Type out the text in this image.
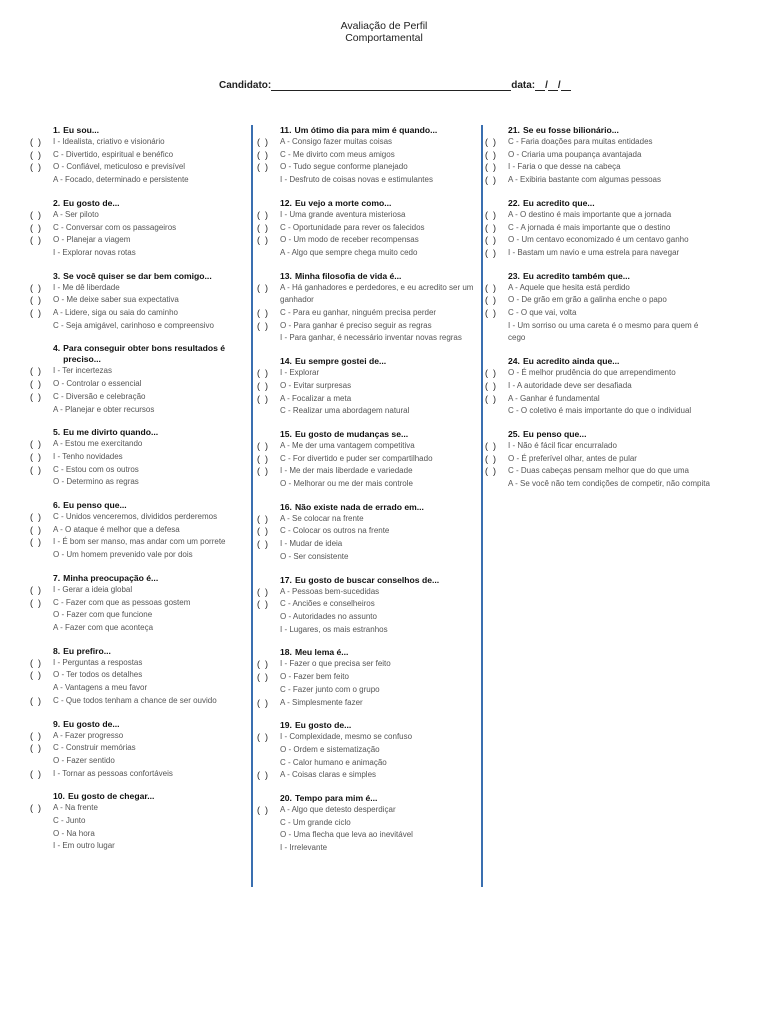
Avaliação de Perfil
Comportamental
Candidato:	data: / /
1. Eu sou...
(  )	I - Idealista, criativo e visionário
(  )	C - Divertido, espiritual e benéfico
(  )	O - Confiável, meticuloso e previsível
A - Focado, determinado e persistente
2. Eu gosto de...
(  )	A - Ser piloto
(  )	C - Conversar com os passageiros
(  )	O - Planejar a viagem
I - Explorar novas rotas
3. Se você quiser se dar bem comigo...
(  )	I - Me dê liberdade
(  )	O - Me deixe saber sua expectativa
(  )	A - Lidere, siga ou saia do caminho
C - Seja amigável, carinhoso e compreensivo
4. Para conseguir obter bons resultados é preciso...
(  )	I - Ter incertezas
(  )	O - Controlar o essencial
(  )	C - Diversão e celebração
A - Planejar e obter recursos
5. Eu me divirto quando...
(  )	A - Estou me exercitando
(  )	I - Tenho novidades
(  )	C - Estou com os outros
O - Determino as regras
6. Eu penso que...
(  )	C - Unidos venceremos, divididos perderemos
(  )	A - O ataque é melhor que a defesa
(  )	I - É bom ser manso, mas andar com um porrete
O - Um homem prevenido vale por dois
7. Minha preocupação é...
(  )	I - Gerar a ideia global
(  )	C - Fazer com que as pessoas gostem
O - Fazer com que funcione
A - Fazer com que aconteça
8. Eu prefiro...
(  )	I - Perguntas a respostas
(  )	O - Ter todos os detalhes
A - Vantagens a meu favor
(  )	C - Que todos tenham a chance de ser ouvido
9. Eu gosto de...
(  )	A - Fazer progresso
(  )	C - Construir memórias
O - Fazer sentido
(  )	I - Tornar as pessoas confortáveis
10. Eu gosto de chegar...
(  )	A - Na frente
C - Junto
O - Na hora
I - Em outro lugar
11. Um ótimo dia para mim é quando...
(  )	A - Consigo fazer muitas coisas
(  )	C - Me divirto com meus amigos
(  )	O - Tudo segue conforme planejado
I - Desfruto de coisas novas e estimulantes
12. Eu vejo a morte como...
(  )	I - Uma grande aventura misteriosa
(  )	C - Oportunidade para rever os falecidos
(  )	O - Um modo de receber recompensas
A - Algo que sempre chega muito cedo
13. Minha filosofia de vida é...
(  )	A - Há ganhadores e perdedores, e eu acredito ser um ganhador
(  )	C - Para eu ganhar, ninguém precisa perder
(  )	O - Para ganhar é preciso seguir as regras
I - Para ganhar, é necessário inventar novas regras
14. Eu sempre gostei de...
(  )	I - Explorar
(  )	O - Evitar surpresas
(  )	A - Focalizar a meta
C - Realizar uma abordagem natural
15. Eu gosto de mudanças se...
(  )	A - Me der uma vantagem competitiva
(  )	C - For divertido e puder ser compartilhado
(  )	I - Me der mais liberdade e variedade
O - Melhorar ou me der mais controle
16. Não existe nada de errado em...
(  )	A - Se colocar na frente
(  )	C - Colocar os outros na frente
(  )	I - Mudar de ideia
O - Ser consistente
17. Eu gosto de buscar conselhos de...
(  )	A - Pessoas bem-sucedidas
(  )	C - Anciões e conselheiros
O - Autoridades no assunto
I - Lugares, os mais estranhos
18. Meu lema é...
(  )	I - Fazer o que precisa ser feito
(  )	O - Fazer bem feito
C - Fazer junto com o grupo
(  )	A - Simplesmente fazer
19. Eu gosto de...
(  )	I - Complexidade, mesmo se confuso
O - Ordem e sistematização
C - Calor humano e animação
(  )	A - Coisas claras e simples
20. Tempo para mim é...
(  )	A - Algo que detesto desperdiçar
C - Um grande ciclo
O - Uma flecha que leva ao inevitável
I - Irrelevante
21. Se eu fosse bilionário...
(  )	C - Faria doações para muitas entidades
(  )	O - Criaria uma poupança avantajada
(  )	I - Faria o que desse na cabeça
(  )	A - Exibiria bastante com algumas pessoas
22. Eu acredito que...
(  )	A - O destino é mais importante que a jornada
(  )	C - A jornada é mais importante que o destino
(  )	O - Um centavo economizado é um centavo ganho
(  )	I - Bastam um navio e uma estrela para navegar
23. Eu acredito também que...
(  )	A - Aquele que hesita está perdido
(  )	O - De grão em grão a galinha enche o papo
(  )	C - O que vai, volta
I - Um sorriso ou uma careta é o mesmo para quem é cego
24. Eu acredito ainda que...
(  )	O - É melhor prudência do que arrependimento
(  )	I - A autoridade deve ser desafiada
(  )	A - Ganhar é fundamental
C - O coletivo é mais importante do que o individual
25. Eu penso que...
(  )	I - Não é fácil ficar encurralado
(  )	O - É preferível olhar, antes de pular
(  )	C - Duas cabeças pensam melhor que do que uma
A - Se você não tem condições de competir, não compita
